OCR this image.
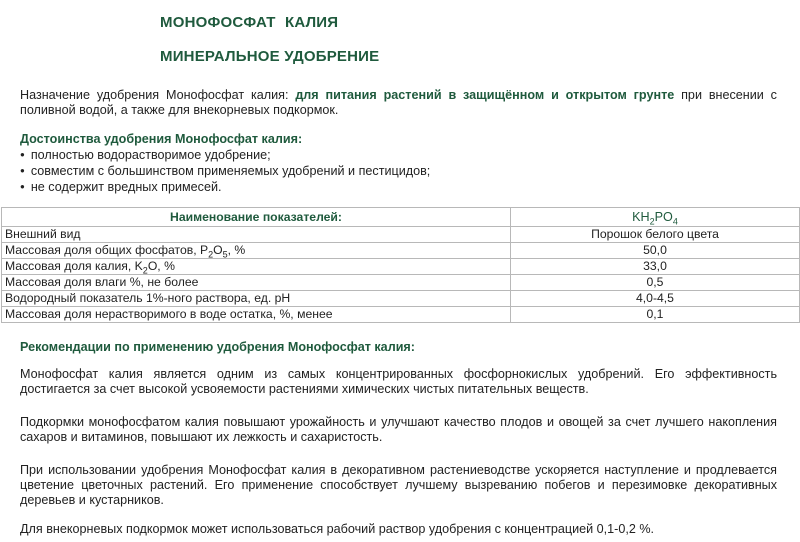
МОНОФОСФАТ КАЛИЯ
МИНЕРАЛЬНОЕ УДОБРЕНИЕ

Назначение удобрения Монофосфат калия: для питания растений в защищённом и открытом грунте при внесении с поливной водой, а также для внекорневых подкормок.

Достоинства удобрения Монофосфат калия:

● полностью водорастворимое удобрение;
● совместим с большинством применяемых удобрений и пестицидов;
● не содержит вредных примесей.
Наименование показателей:	$KH_2PO_4$
Внешний вид	Порошок белого цвета
Массовая доля общих фосфатов, $P_2O_5$, %	50,0
Массовая доля калия, $K_2O$, %	33,0
Массовая доля влаги %, не более	0,5
Водородный показатель 1%-ного раствора, ед. pH	4,0-4,5
Массовая доля нерастворимого в воде остатка, %, менее	0,1

Рекомендации по применению удобрения Монофосфат калия:

Монофосфат калия является одним из самых концентрированных фосфорнокислых удобрений. Его эффективность достигается за счет высокой усвояемости растениями химических чистых питательных веществ.

Подкормки монофосфатом калия повышают урожайность и улучшают качество плодов и овощей за счет лучшего накопления сахаров и витаминов, повышают их лежкость и сахаристость.

При использовании удобрения Монофосфат калия в декоративном растениеводстве ускоряется наступление и продлевается цветение цветочных растений. Его применение способствует лучшему вызреванию побегов и перезимовке декоративных деревьев и кустарников.

Для внекорневых подкормок может использоваться рабочий раствор удобрения с концентрацией 0,1-0,2 %.
